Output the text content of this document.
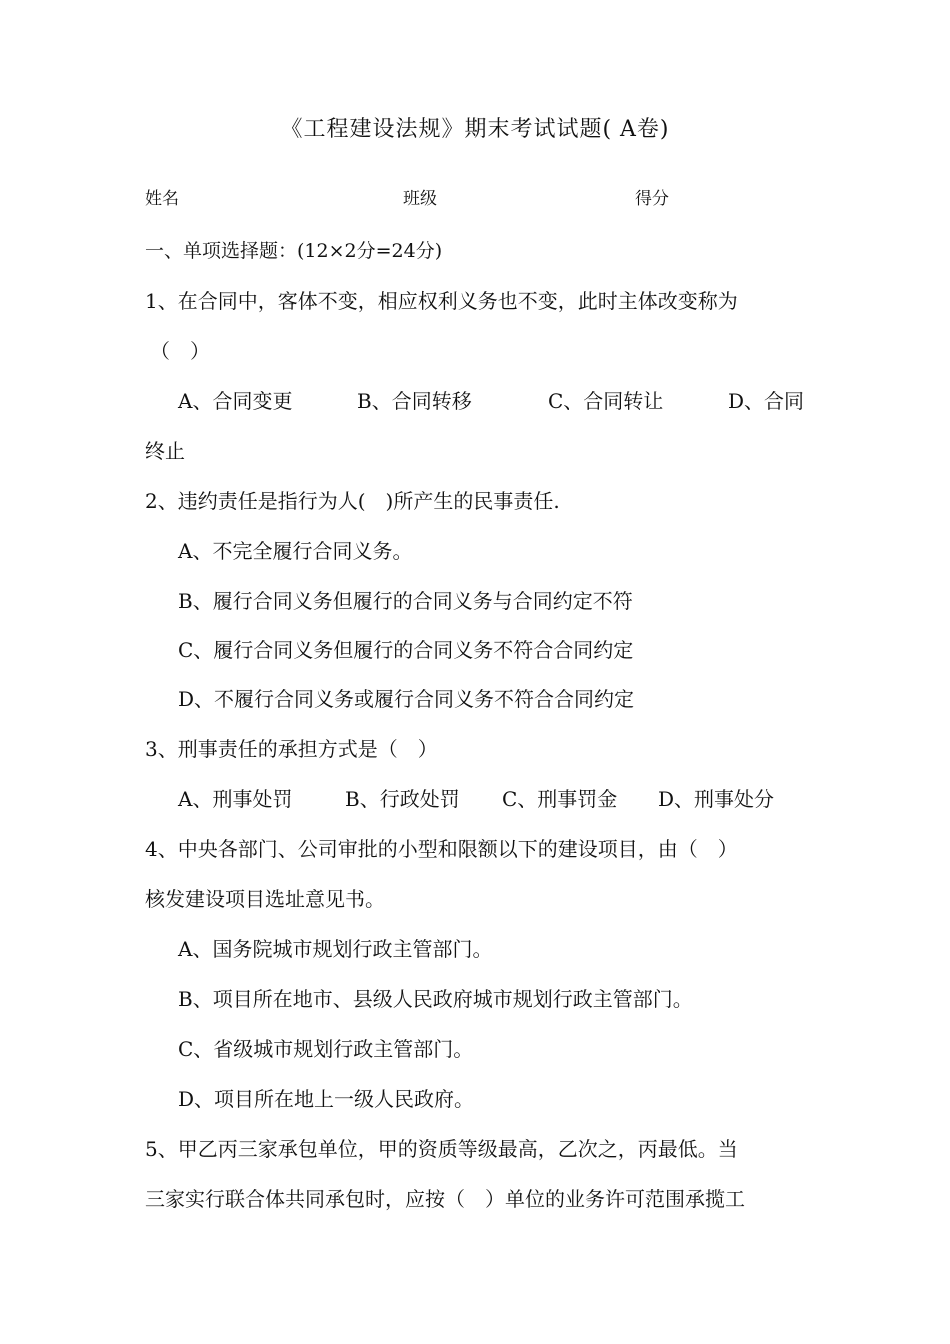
《工程建设法规》期末考试试题( A卷)
姓名	班级	得分
一、单项选择题：(12×2分=24分)
1、在合同中，客体不变，相应权利义务也不变，此时主体改变称为
（　）
A、合同变更	B、合同转移	C、合同转让	D、合同
终止
2、违约责任是指行为人(　)所产生的民事责任.
A、不完全履行合同义务。
B、履行合同义务但履行的合同义务与合同约定不符
C、履行合同义务但履行的合同义务不符合合同约定
D、不履行合同义务或履行合同义务不符合合同约定
3、刑事责任的承担方式是（　）
A、刑事处罚	B、行政处罚 C、刑事罚金 D、刑事处分
4、中央各部门、公司审批的小型和限额以下的建设项目，由（　）
核发建设项目选址意见书。
A、国务院城市规划行政主管部门。
B、项目所在地市、县级人民政府城市规划行政主管部门。
C、省级城市规划行政主管部门。
D、项目所在地上一级人民政府。
5、甲乙丙三家承包单位，甲的资质等级最高，乙次之，丙最低。当
三家实行联合体共同承包时，应按（　）单位的业务许可范围承揽工
